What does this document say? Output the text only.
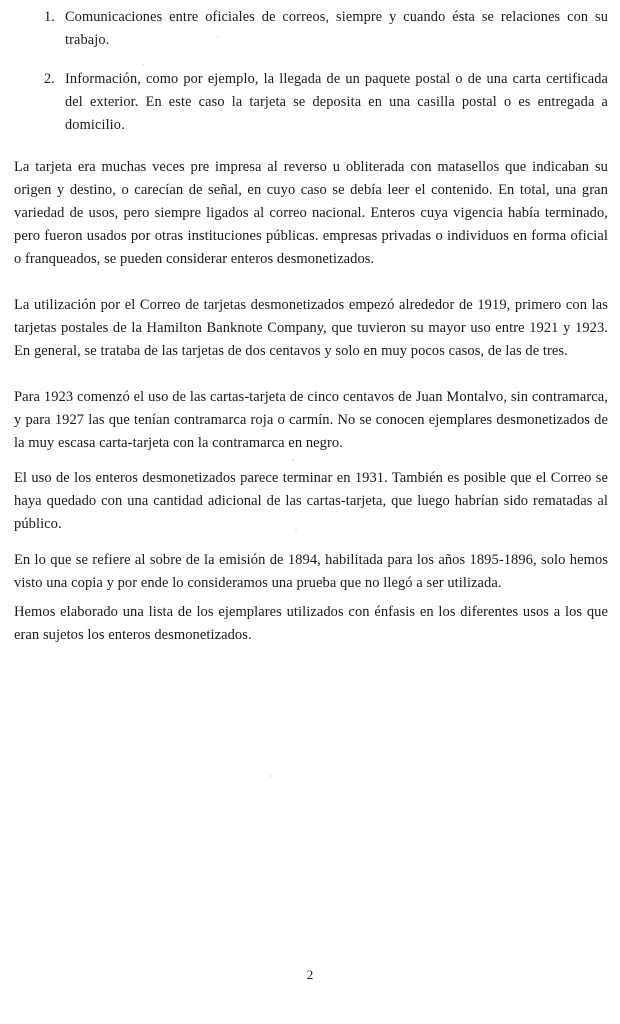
1. Comunicaciones entre oficiales de correos, siempre y cuando ésta se relaciones con su trabajo.
2. Información, como por ejemplo, la llegada de un paquete postal o de una carta certificada del exterior. En este caso la tarjeta se deposita en una casilla postal o es entregada a domicilio.

La tarjeta era muchas veces pre impresa al reverso u obliterada con matasellos que indicaban su origen y destino, o carecían de señal, en cuyo caso se debía leer el contenido. En total, una gran variedad de usos, pero siempre ligados al correo nacional. Enteros cuya vigencia había terminado, pero fueron usados por otras instituciones públicas. empresas privadas o individuos en forma oficial o franqueados, se pueden considerar enteros desmonetizados.

La utilización por el Correo de tarjetas desmonetizados empezó alrededor de 1919, primero con las tarjetas postales de la Hamilton Banknote Company, que tuvieron su mayor uso entre 1921 y 1923. En general, se trataba de las tarjetas de dos centavos y solo en muy pocos casos, de las de tres.

Para 1923 comenzó el uso de las cartas-tarjeta de cinco centavos de Juan Montalvo, sin contramarca, y para 1927 las que tenían contramarca roja o carmín. No se conocen ejemplares desmonetizados de la muy escasa carta-tarjeta con la contramarca en negro.

El uso de los enteros desmonetizados parece terminar en 1931. También es posible que el Correo se haya quedado con una cantidad adicional de las cartas-tarjeta, que luego habrían sido rematadas al público.

En lo que se refiere al sobre de la emisión de 1894, habilitada para los años 1895-1896, solo hemos visto una copia y por ende lo consideramos una prueba que no llegó a ser utilizada.

Hemos elaborado una lista de los ejemplares utilizados con énfasis en los diferentes usos a los que eran sujetos los enteros desmonetizados.

2
